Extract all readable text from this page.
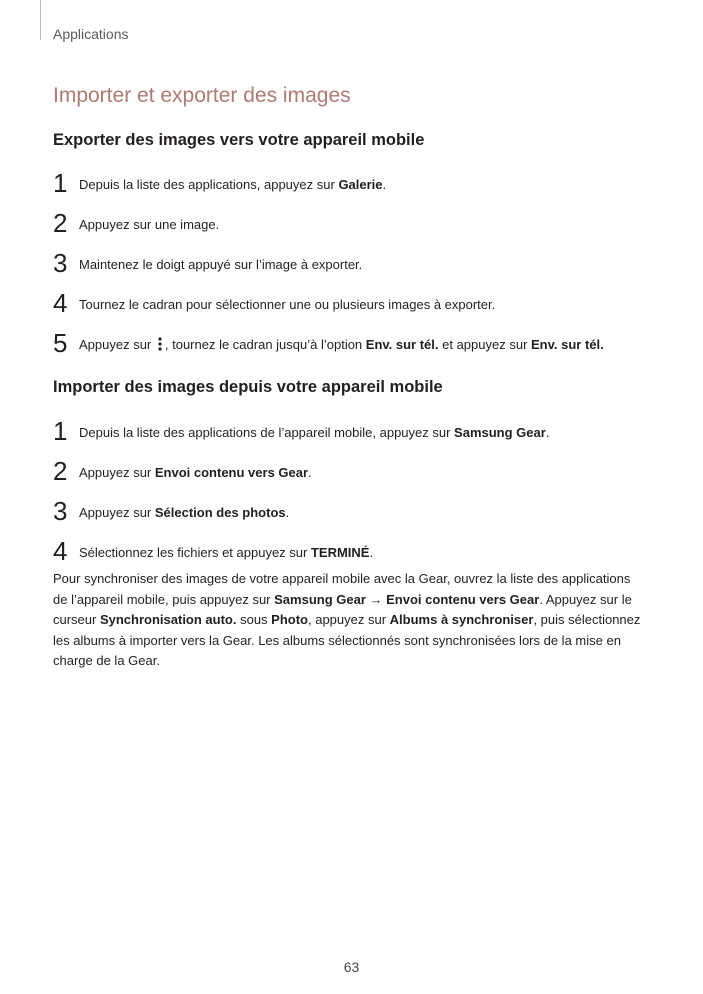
Applications
Importer et exporter des images
Exporter des images vers votre appareil mobile
1 Depuis la liste des applications, appuyez sur Galerie.
2 Appuyez sur une image.
3 Maintenez le doigt appuyé sur l’image à exporter.
4 Tournez le cadran pour sélectionner une ou plusieurs images à exporter.
5 Appuyez sur , tournez le cadran jusqu’à l’option Env. sur tél. et appuyez sur Env. sur tél.
Importer des images depuis votre appareil mobile
1 Depuis la liste des applications de l’appareil mobile, appuyez sur Samsung Gear.
2 Appuyez sur Envoi contenu vers Gear.
3 Appuyez sur Sélection des photos.
4 Sélectionnez les fichiers et appuyez sur TERMINÉ.

Pour synchroniser des images de votre appareil mobile avec la Gear, ouvrez la liste des applications de l’appareil mobile, puis appuyez sur Samsung Gear → Envoi contenu vers Gear. Appuyez sur le curseur Synchronisation auto. sous Photo, appuyez sur Albums à synchroniser, puis sélectionnez les albums à importer vers la Gear. Les albums sélectionnés sont synchronisées lors de la mise en charge de la Gear.

63
